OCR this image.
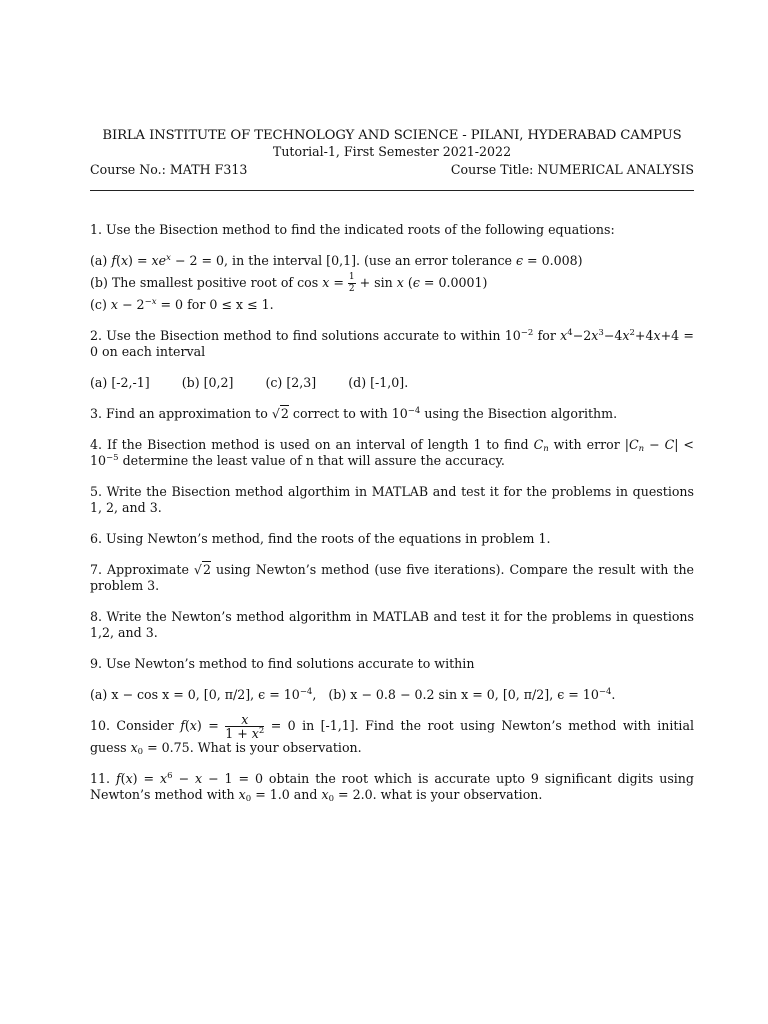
BIRLA INSTITUTE OF TECHNOLOGY AND SCIENCE - PILANI, HYDERABAD CAMPUS
Tutorial-1, First Semester 2021-2022
Course No.: MATH F313	Course Title: NUMERICAL ANALYSIS

1. Use the Bisection method to find the indicated roots of the following equations:

(a) $f(x) = xe^x - 2 = 0$, in the interval [0,1]. (use an error tolerance ϵ = 0.008)

(b) The smallest positive root of $\cos x = \frac{1}{2} + \sin x$ (ϵ = 0.0001)

(c) $x - 2^{-x} = 0$ for 0 ≤ x ≤ 1.

2. Use the Bisection method to find solutions accurate to within $10^{-2}$ for $x^4-2x^3-4x^2+4x+4 = 0$ on each interval

(a) [-2,-1]	(b) [0,2]	(c) [2,3]	(d) [-1,0].

3. Find an approximation to √2 correct to with $10^{-4}$ using the Bisection algorithm.

4. If the Bisection method is used on an interval of length 1 to find $C_n$ with error $|C_n - C| < 10^{-5}$ determine the least value of n that will assure the accuracy.

5. Write the Bisection method algorthim in MATLAB and test it for the problems in questions 1, 2, and 3.

6. Using Newton’s method, find the roots of the equations in problem 1.

7. Approximate √2 using Newton’s method (use five iterations). Compare the result with the problem 3.

8. Write the Newton’s method algorithm in MATLAB and test it for the problems in questions 1,2, and 3.

9. Use Newton’s method to find solutions accurate to within

(a) x − cos x = 0, [0, π/2], $\epsilon = 10^{-4}$,   (b) x − 0.8 − 0.2 sin x = 0, [0, π/2], $\epsilon = 10^{-4}$.

10. Consider $f(x) = \frac{x}{1 + x^2} = 0$ in [-1,1]. Find the root using Newton’s method with initial guess $x_0 = 0.75$. What is your observation.

11. $f(x) = x^6 - x - 1 = 0$ obtain the root which is accurate upto 9 significant digits using Newton’s method with $x_0 = 1.0$ and $x_0 = 2.0$. what is your observation.
